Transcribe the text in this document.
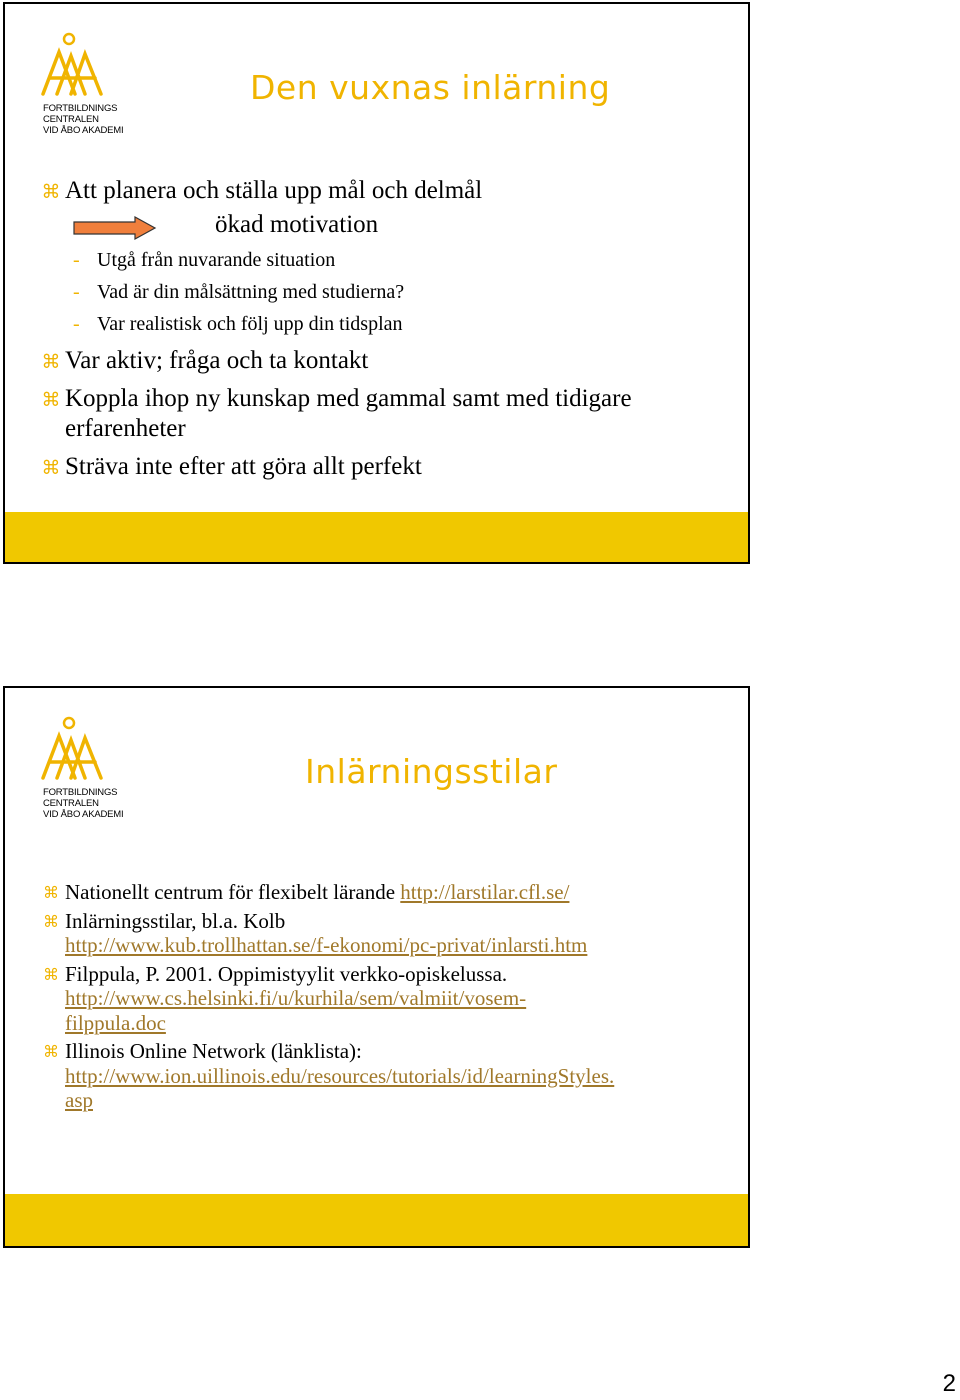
FORTBILDNINGS
CENTRALEN
VID ÅBO AKADEMI
Den vuxnas inlärning
⌘ Att planera och ställa upp mål och delmål
ökad motivation
- Utgå från nuvarande situation
- Vad är din målsättning med studierna?
- Var realistisk och följ upp din tidsplan
⌘ Var aktiv; fråga och ta kontakt
⌘ Koppla ihop ny kunskap med gammal samt med tidigare
erfarenheter
⌘ Sträva inte efter att göra allt perfekt
FORTBILDNINGS
CENTRALEN
VID ÅBO AKADEMI
Inlärningsstilar
⌘ Nationellt centrum för flexibelt lärande http://larstilar.cfl.se/
⌘ Inlärningsstilar, bl.a. Kolb
http://www.kub.trollhattan.se/f-ekonomi/pc-privat/inlarsti.htm
⌘ Filppula, P. 2001. Oppimistyylit verkko-opiskelussa.
http://www.cs.helsinki.fi/u/kurhila/sem/valmiit/vosem-
filppula.doc
⌘ Illinois Online Network (länklista):
http://www.ion.uillinois.edu/resources/tutorials/id/learningStyles.
asp
2
